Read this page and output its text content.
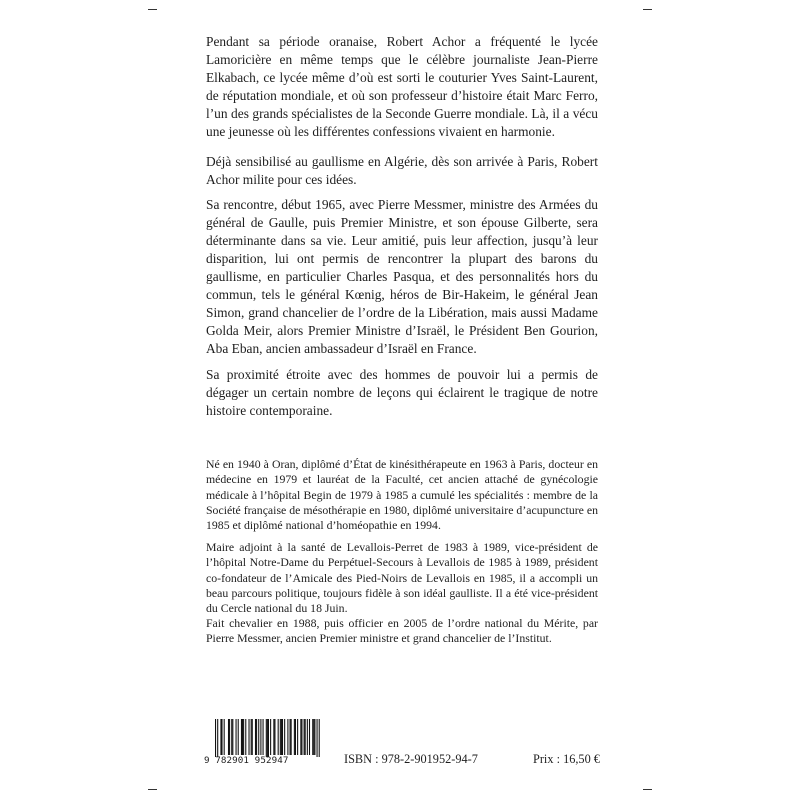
Pendant sa période oranaise, Robert Achor a fréquenté le lycée Lamoricière en même temps que le célèbre journaliste Jean-Pierre Elkabach, ce lycée même d’où est sorti le couturier Yves Saint-Laurent, de réputation mondiale, et où son professeur d’histoire était Marc Ferro, l’un des grands spécialistes de la Seconde Guerre mondiale. Là, il a vécu une jeunesse où les différentes confessions vivaient en harmonie.

Déjà sensibilisé au gaullisme en Algérie, dès son arrivée à Paris, Robert Achor milite pour ces idées.

Sa rencontre, début 1965, avec Pierre Messmer, ministre des Armées du général de Gaulle, puis Premier Ministre, et son épouse Gilberte, sera déterminante dans sa vie. Leur amitié, puis leur affection, jusqu’à leur disparition, lui ont permis de rencontrer la plupart des barons du gaullisme, en particulier Charles Pasqua, et des personnalités hors du commun, tels le général Kœnig, héros de Bir-Hakeim, le général Jean Simon, grand chancelier de l’ordre de la Libération, mais aussi Madame Golda Meir, alors Premier Ministre d’Israël, le Président Ben Gourion, Aba Eban, ancien ambassadeur d’Israël en France.

Sa proximité étroite avec des hommes de pouvoir lui a permis de dégager un certain nombre de leçons qui éclairent le tragique de notre histoire contemporaine.

Né en 1940 à Oran, diplômé d’État de kinésithérapeute en 1963 à Paris, docteur en médecine en 1979 et lauréat de la Faculté, cet ancien attaché de gynécologie médicale à l’hôpital Begin de 1979 à 1985 a cumulé les spécialités : membre de la Société française de mésothérapie en 1980, diplômé universitaire d’acupuncture en 1985 et diplômé national d’homéopathie en 1994.

Maire adjoint à la santé de Levallois-Perret de 1983 à 1989, vice-président de l’hôpital Notre-Dame du Perpétuel-Secours à Levallois de 1985 à 1989, président co-fondateur de l’Amicale des Pied-Noirs de Levallois en 1985, il a accompli un beau parcours politique, toujours fidèle à son idéal gaulliste. Il a été vice-président du Cercle national du 18 Juin.

Fait chevalier en 1988, puis officier en 2005 de l’ordre national du Mérite, par Pierre Messmer, ancien Premier ministre et grand chancelier de l’Institut.

9 782901 952947	ISBN : 978-2-901952-94-7	Prix : 16,50 €
